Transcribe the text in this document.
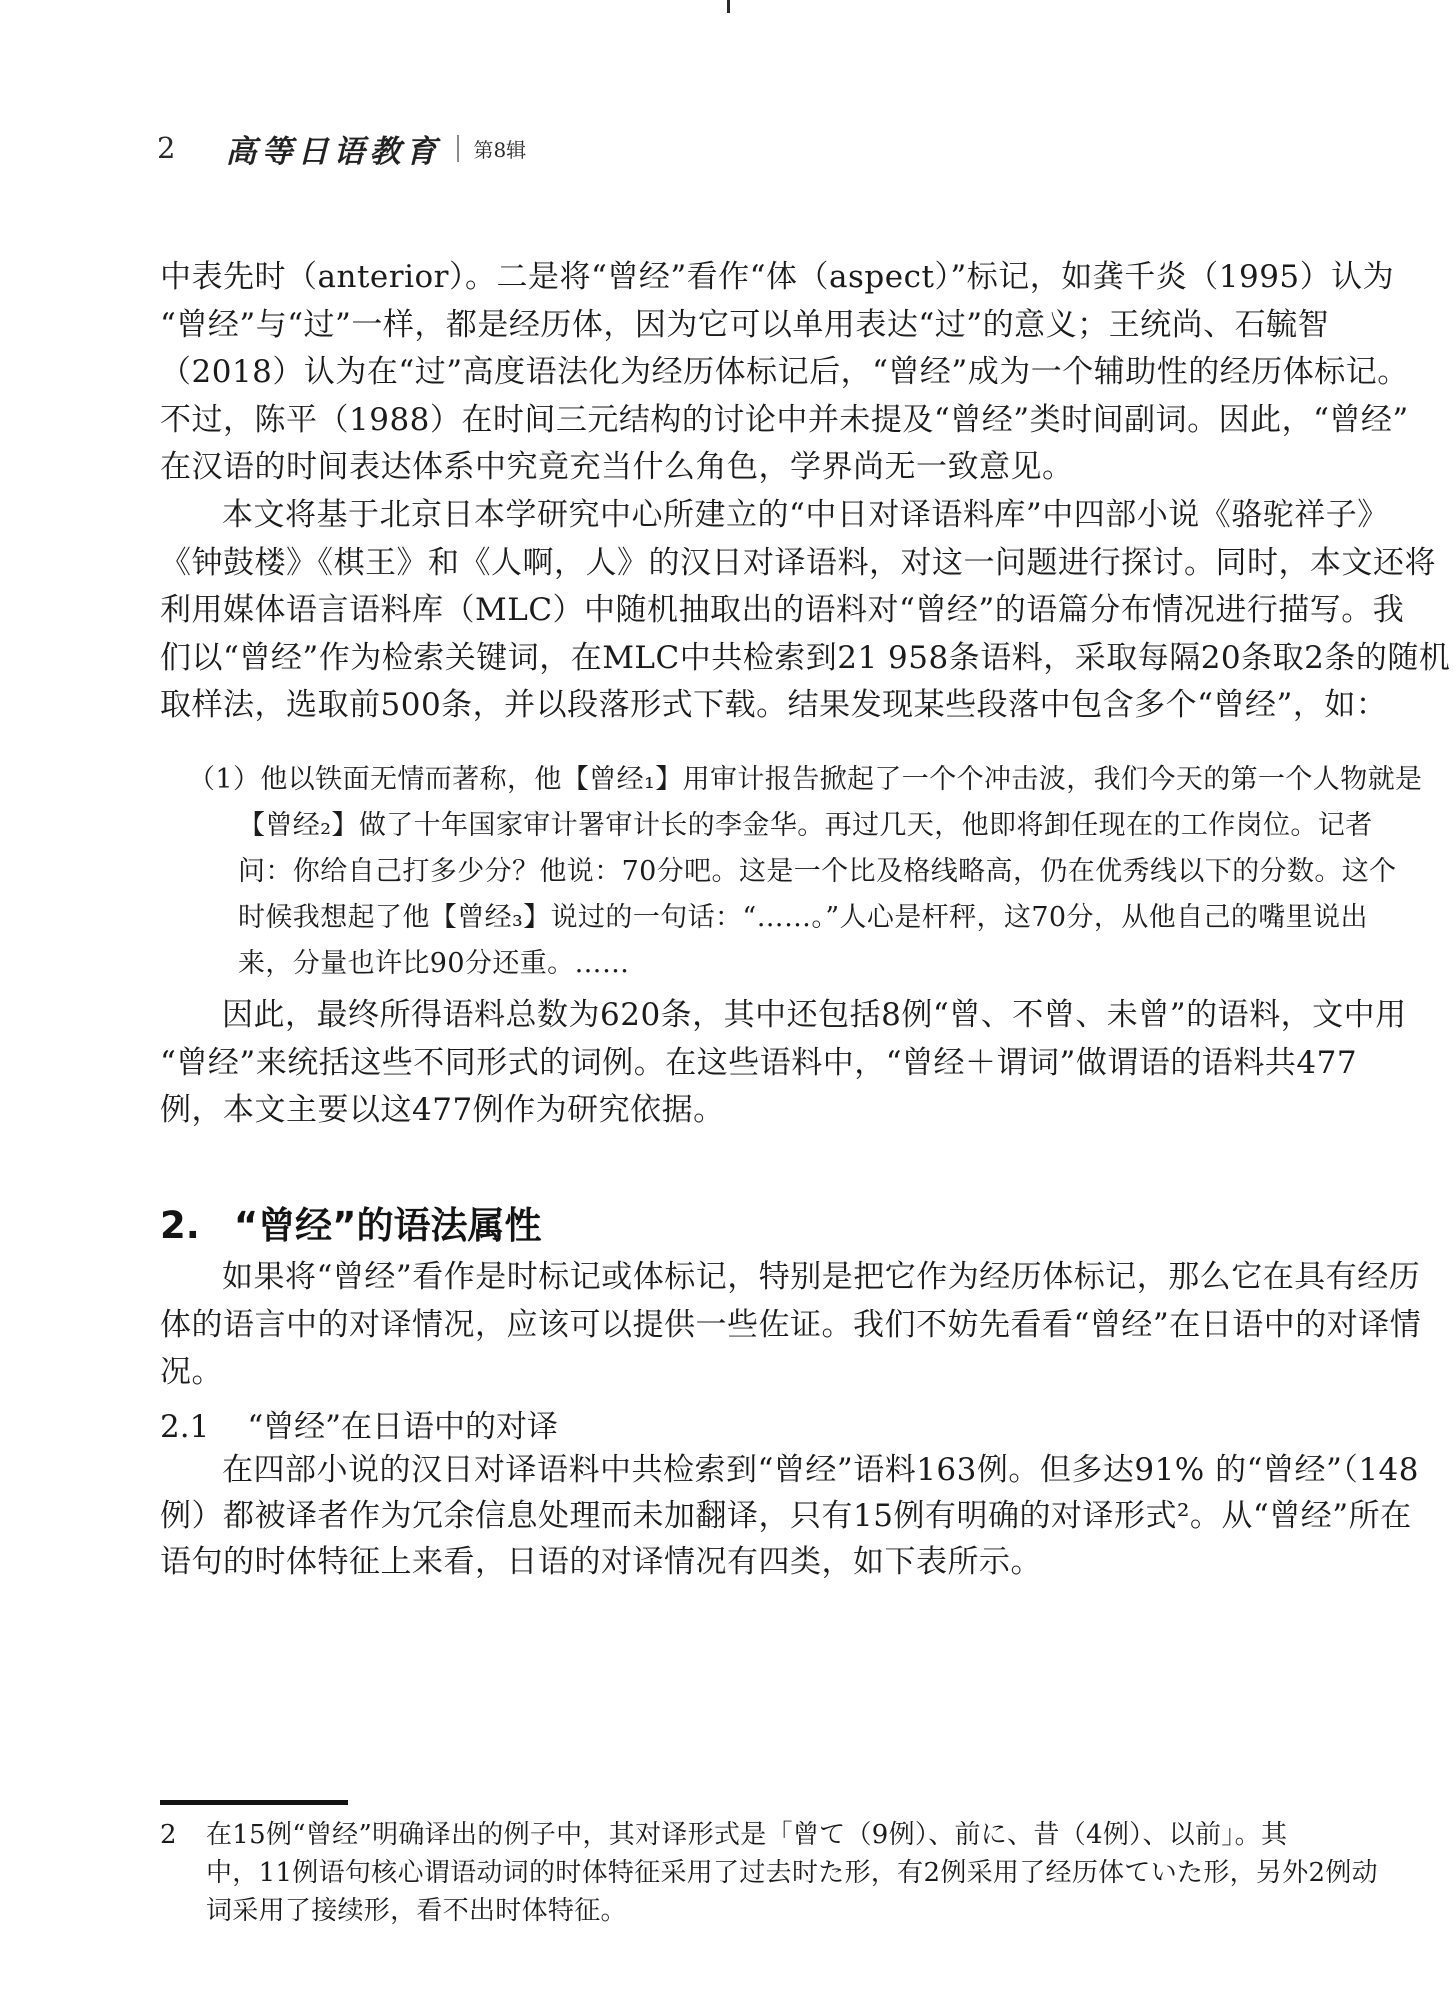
2 高等日语教育 第8辑
中表先时（anterior）。二是将“曾经”看作“体（aspect）”标记，如龚千炎（1995）认为
“曾经”与“过”一样，都是经历体，因为它可以单用表达“过”的意义；王统尚、石毓智
（2018）认为在“过”高度语法化为经历体标记后，“曾经”成为一个辅助性的经历体标记。
不过，陈平（1988）在时间三元结构的讨论中并未提及“曾经”类时间副词。因此，“曾经”
在汉语的时间表达体系中究竟充当什么角色，学界尚无一致意见。
本文将基于北京日本学研究中心所建立的“中日对译语料库”中四部小说《骆驼祥子》
《钟鼓楼》《棋王》和《人啊，人》的汉日对译语料，对这一问题进行探讨。同时，本文还将
利用媒体语言语料库（MLC）中随机抽取出的语料对“曾经”的语篇分布情况进行描写。我
们以“曾经”作为检索关键词，在MLC中共检索到21 958条语料，采取每隔20条取2条的随机
取样法，选取前500条，并以段落形式下载。结果发现某些段落中包含多个“曾经”，如：
（1）他以铁面无情而著称，他【曾经₁】用审计报告掀起了一个个冲击波，我们今天的第一个人物就是
【曾经₂】做了十年国家审计署审计长的李金华。再过几天，他即将卸任现在的工作岗位。记者
问：你给自己打多少分？他说：70分吧。这是一个比及格线略高，仍在优秀线以下的分数。这个
时候我想起了他【曾经₃】说过的一句话：“……。”人心是杆秤，这70分，从他自己的嘴里说出
来，分量也许比90分还重。……
因此，最终所得语料总数为620条，其中还包括8例“曾、不曾、未曾”的语料，文中用
“曾经”来统括这些不同形式的词例。在这些语料中，“曾经＋谓词”做谓语的语料共477
例，本文主要以这477例作为研究依据。
2. “曾经”的语法属性
如果将“曾经”看作是时标记或体标记，特别是把它作为经历体标记，那么它在具有经历
体的语言中的对译情况，应该可以提供一些佐证。我们不妨先看看“曾经”在日语中的对译情
况。
2.1 “曾经”在日语中的对译
在四部小说的汉日对译语料中共检索到“曾经”语料163例。但多达91% 的“曾经”（148
例）都被译者作为冗余信息处理而未加翻译，只有15例有明确的对译形式²。从“曾经”所在
语句的时体特征上来看，日语的对译情况有四类，如下表所示。
2	在15例“曾经”明确译出的例子中，其对译形式是「曾て（9例）、前に、昔（4例）、以前」。其
中，11例语句核心谓语动词的时体特征采用了过去时た形，有2例采用了经历体ていた形，另外2例动
词采用了接续形，看不出时体特征。
